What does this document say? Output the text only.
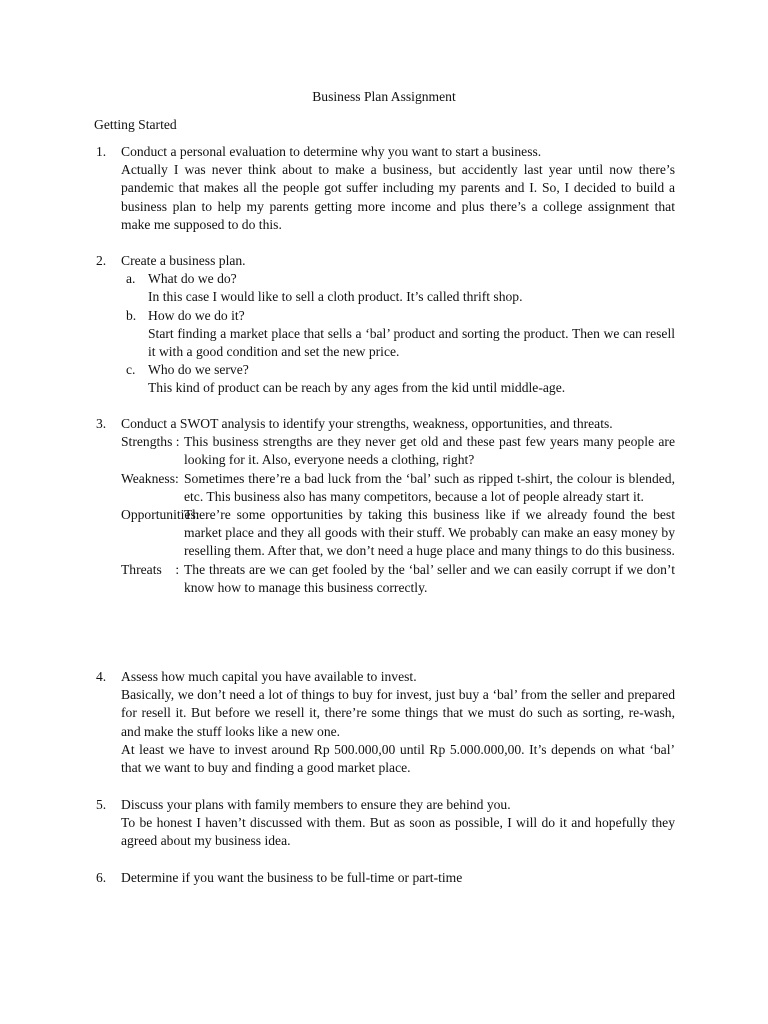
Business Plan Assignment
Getting Started
1. Conduct a personal evaluation to determine why you want to start a business.

Actually I was never think about to make a business, but accidently last year until now there’s pandemic that makes all the people got suffer including my parents and I. So, I decided to build a business plan to help my parents getting more income and plus there’s a college assignment that make me supposed to do this.

2. Create a business plan.

a. What do we do?

In this case I would like to sell a cloth product. It’s called thrift shop.

b. How do we do it?

Start finding a market place that sells a ‘bal’ product and sorting the product. Then we can resell it with a good condition and set the new price.

c. Who do we serve?

This kind of product can be reach by any ages from the kid until middle-age.

3. Conduct a SWOT analysis to identify your strengths, weakness, opportunities, and threats.

Strengths : This business strengths are they never get old and these past few years many people are looking for it. Also, everyone needs a clothing, right?

Weakness: Sometimes there’re a bad luck from the ‘bal’ such as ripped t-shirt, the colour is blended, etc. This business also has many competitors, because a lot of people already start it.

Opportunities:

There’re some opportunities by taking this business like if we already found the best market place and they all goods with their stuff. We probably can make an easy money by reselling them. After that, we don’t need a huge place and many things to do this business.

Threats    : The threats are we can get fooled by the ‘bal’ seller and we can easily corrupt if we don’t know how to manage this business correctly.

4. Assess how much capital you have available to invest.

Basically, we don’t need a lot of things to buy for invest, just buy a ‘bal’ from the seller and prepared for resell it. But before we resell it, there’re some things that we must do such as sorting, re-wash, and make the stuff looks like a new one.

At least we have to invest around Rp 500.000,00 until Rp 5.000.000,00. It’s depends on what ‘bal’ that we want to buy and finding a good market place.

5. Discuss your plans with family members to ensure they are behind you.

To be honest I haven’t discussed with them. But as soon as possible, I will do it and hopefully they agreed about my business idea.

6. Determine if you want the business to be full-time or part-time
